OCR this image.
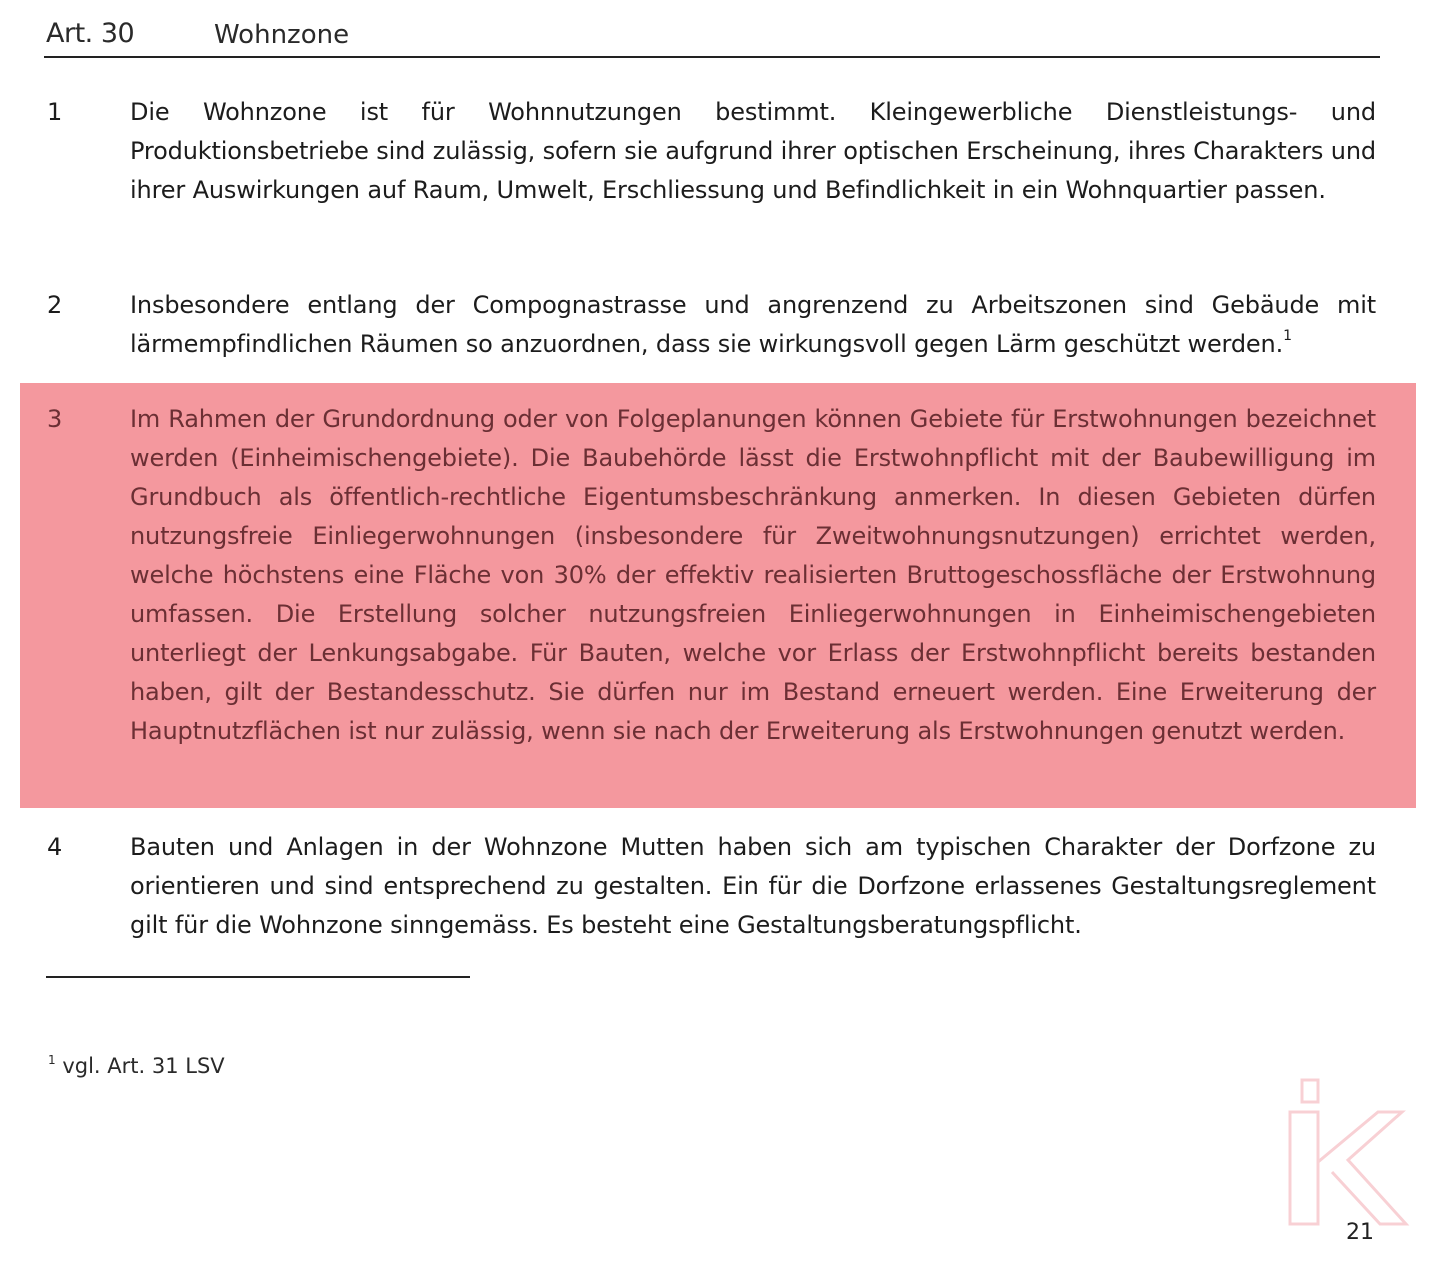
Art. 30	Wohnzone
1	Die Wohnzone ist für Wohnnutzungen bestimmt. Kleingewerbliche Dienstleistungs- und Produktionsbetriebe sind zulässig, sofern sie aufgrund ihrer optischen Erscheinung, ihres Charakters und ihrer Auswirkungen auf Raum, Umwelt, Erschliessung und Befindlichkeit in ein Wohnquartier passen.
2	Insbesondere entlang der Compognastrasse und angrenzend zu Arbeitszonen sind Gebäude mit lärmempfindlichen Räumen so anzuordnen, dass sie wirkungsvoll gegen Lärm geschützt werden.$^1$
3	Im Rahmen der Grundordnung oder von Folgeplanungen können Gebiete für Erstwohnungen bezeichnet werden (Einheimischengebiete). Die Baubehörde lässt die Erstwohnpflicht mit der Baubewilligung im Grundbuch als öffentlich-rechtliche Eigentumsbeschränkung anmerken. In diesen Gebieten dürfen nutzungsfreie Einliegerwohnungen (insbesondere für Zweitwohnungsnutzungen) errichtet werden, welche höchstens eine Fläche von 30% der effektiv realisierten Bruttogeschossfläche der Erstwohnung umfassen. Die Erstellung solcher nutzungsfreien Einliegerwohnungen in Einheimischengebieten unterliegt der Lenkungsabgabe. Für Bauten, welche vor Erlass der Erstwohnpflicht bereits bestanden haben, gilt der Bestandesschutz. Sie dürfen nur im Bestand erneuert werden. Eine Erweiterung der Hauptnutzflächen ist nur zulässig, wenn sie nach der Erweiterung als Erstwohnungen genutzt werden.
4	Bauten und Anlagen in der Wohnzone Mutten haben sich am typischen Charakter der Dorfzone zu orientieren und sind entsprechend zu gestalten. Ein für die Dorfzone erlassenes Gestaltungsreglement gilt für die Wohnzone sinngemäss. Es besteht eine Gestaltungsberatungspflicht.
$^1$ vgl. Art. 31 LSV
21
